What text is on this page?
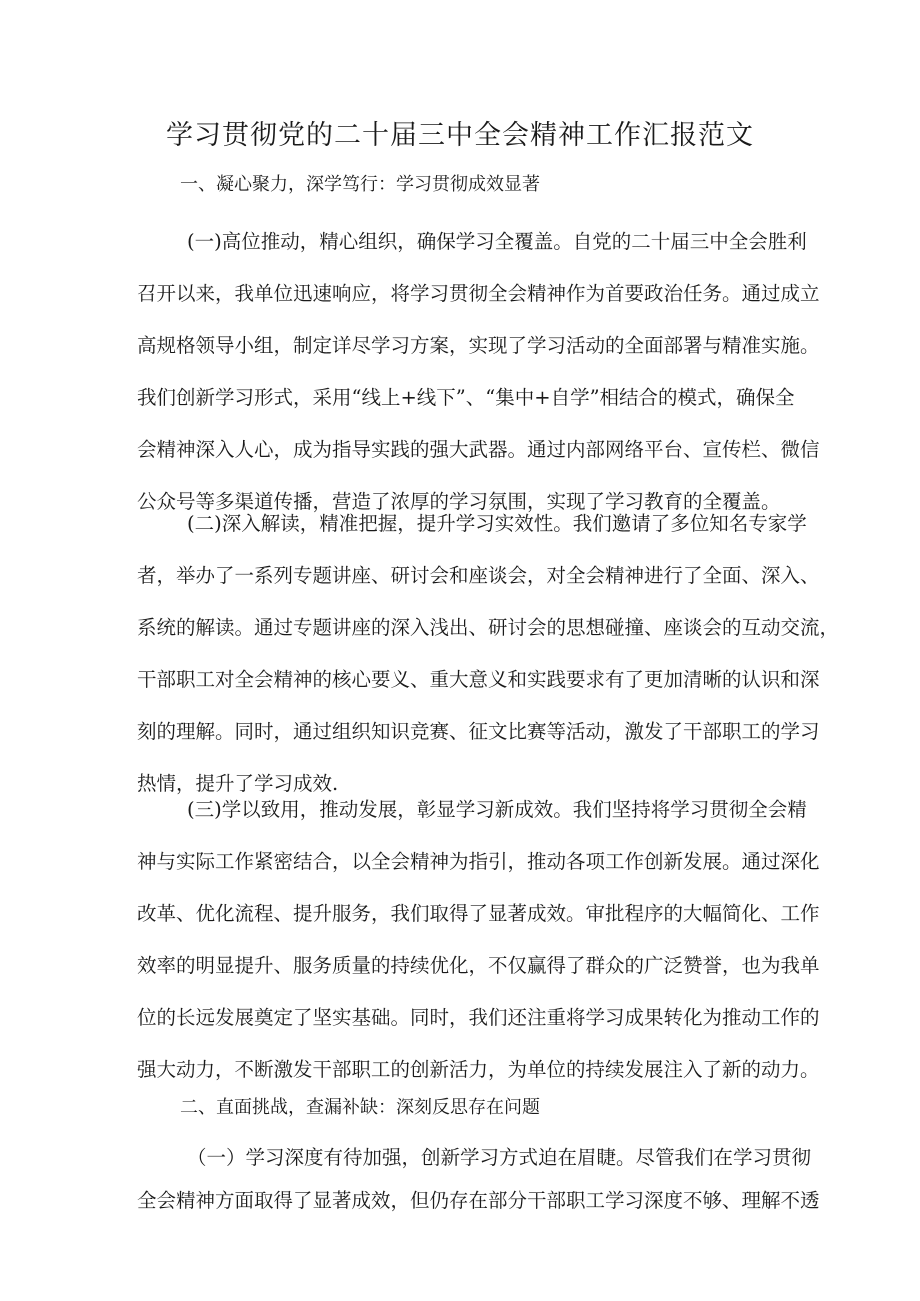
学习贯彻党的二十届三中全会精神工作汇报范文
一、凝心聚力，深学笃行：学习贯彻成效显著
(一)高位推动，精心组织，确保学习全覆盖。自党的二十届三中全会胜利
召开以来，我单位迅速响应，将学习贯彻全会精神作为首要政治任务。通过成立
高规格领导小组，制定详尽学习方案，实现了学习活动的全面部署与精准实施。
我们创新学习形式，采用“线上+线下”、“集中+自学”相结合的模式，确保全
会精神深入人心，成为指导实践的强大武器。通过内部网络平台、宣传栏、微信
公众号等多渠道传播，营造了浓厚的学习氛围，实现了学习教育的全覆盖。
(二)深入解读，精准把握，提升学习实效性。我们邀请了多位知名专家学
者，举办了一系列专题讲座、研讨会和座谈会，对全会精神进行了全面、深入、
系统的解读。通过专题讲座的深入浅出、研讨会的思想碰撞、座谈会的互动交流，
干部职工对全会精神的核心要义、重大意义和实践要求有了更加清晰的认识和深
刻的理解。同时，通过组织知识竞赛、征文比赛等活动，激发了干部职工的学习
热情，提升了学习成效.
(三)学以致用，推动发展，彰显学习新成效。我们坚持将学习贯彻全会精
神与实际工作紧密结合，以全会精神为指引，推动各项工作创新发展。通过深化
改革、优化流程、提升服务，我们取得了显著成效。审批程序的大幅简化、工作
效率的明显提升、服务质量的持续优化，不仅赢得了群众的广泛赞誉，也为我单
位的长远发展奠定了坚实基础。同时，我们还注重将学习成果转化为推动工作的
强大动力，不断激发干部职工的创新活力，为单位的持续发展注入了新的动力。
二、直面挑战，查漏补缺：深刻反思存在问题
（一）学习深度有待加强，创新学习方式迫在眉睫。尽管我们在学习贯彻
全会精神方面取得了显著成效，但仍存在部分干部职工学习深度不够、理解不透
